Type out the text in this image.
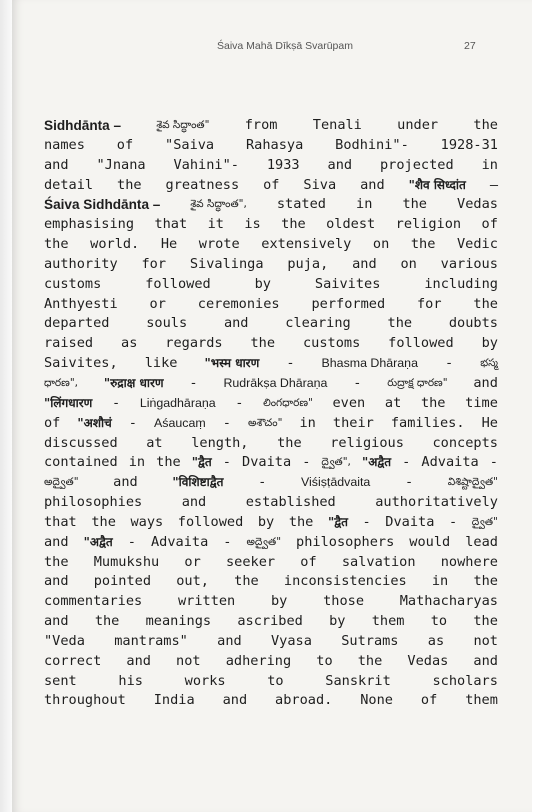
Śaiva Mahā Dīkṣā Svarūpam	27
Sidhdānta –	శైవ సిద్ధాంత"	from	Tenali	under	the
names of "Saiva Rahasya Bodhini"- 1928-31
and "Jnana Vahini"- 1933 and projected in
detail the greatness of Siva and "शैव सिध्दांत –
Śaiva Sidhdānta –	శైవ సిద్ధాంత", stated in the Vedas
emphasising that it is the oldest religion of
the world. He wrote extensively on the Vedic
authority for Sivalinga puja, and on various
customs	followed	by	Saivites	including
Anthyesti or ceremonies performed for the
departed	souls	and	clearing	the	doubts
raised as regards the customs followed by
Saivites, like "भस्म धारण - Bhasma Dhāraṇa -	భస్మ
ధారణ", "रुद्राक्ष धारण - Rudrākṣa Dhāraṇa - రుద్రాక్ష ధారణ" and
"लिंगधारण - Liṅgadhāraṇa - లింగధారణ" even at the time
of "अशौचं - Aśaucaṃ - అశౌచం" in their families. He
discussed at length, the religious concepts
contained in the "द्वैत - Dvaita - ద్వైత", "अद्वैत - Advaita -
అద్వైత"	and	"विशिष्टाद्वैत	-	Viśiṣṭādvaita	-	విశిష్టాద్వైత"
philosophies	and	established	authoritatively
that the ways followed by the "द्वैत - Dvaita - ద్వైత"
and "अद्वैत - Advaita - అద్వైత" philosophers would lead
the Mumukshu or seeker of salvation nowhere
and pointed out, the inconsistencies in the
commentaries	written	by	those	Mathacharyas
and the meanings ascribed by them to the
"Veda mantrams" and Vyasa Sutrams as not
correct and not adhering to the Vedas and
sent	his	works	to	Sanskrit	scholars
throughout India and abroad. None of them
